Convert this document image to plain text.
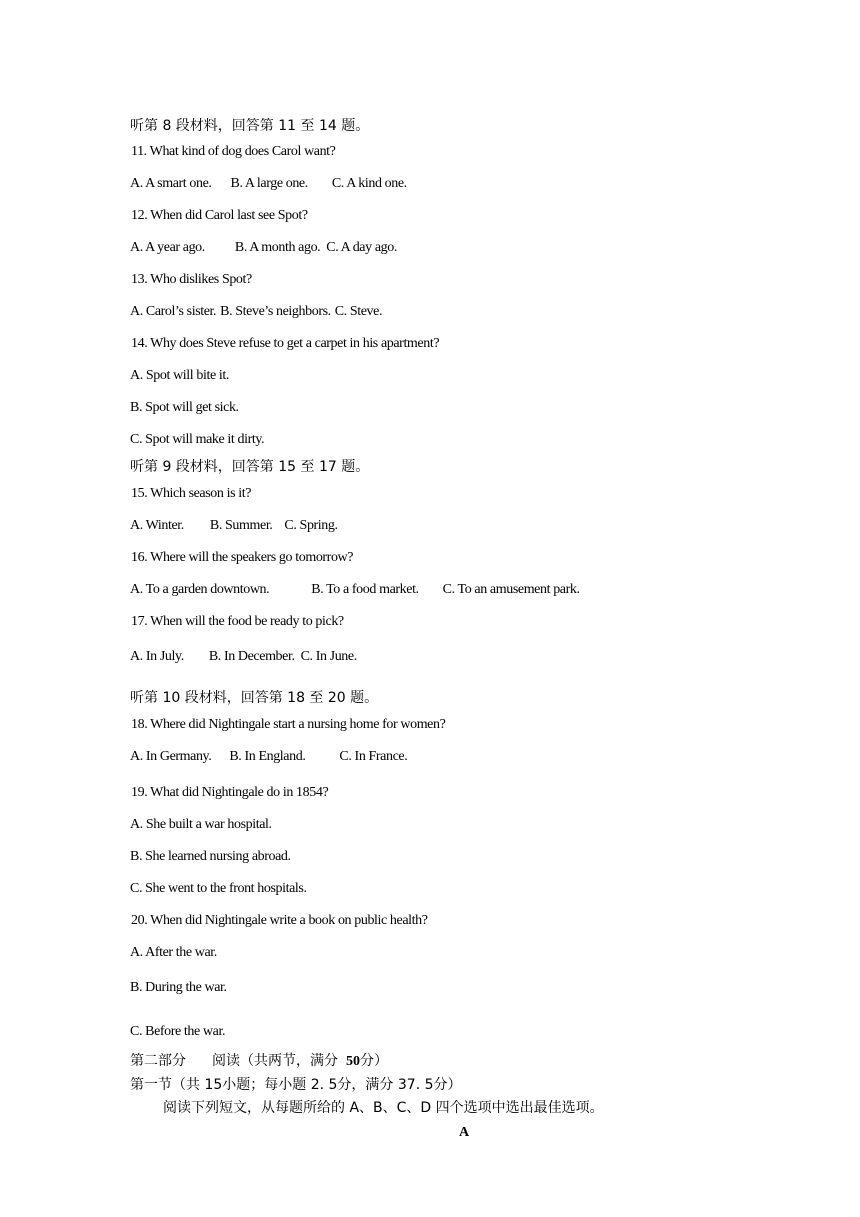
听第 8 段材料，回答第 11 至 14 题。
11. What kind of dog does Carol want?
A. A smart one. B. A large one. C. A kind one.
12. When did Carol last see Spot?
A. A year ago. B. A month ago. C. A day ago.
13. Who dislikes Spot?
A. Carol’s sister. B. Steve’s neighbors. C. Steve.
14. Why does Steve refuse to get a carpet in his apartment?
A. Spot will bite it.
B. Spot will get sick.
C. Spot will make it dirty.
听第 9 段材料，回答第 15 至 17 题。
15. Which season is it?
A. Winter. B. Summer. C. Spring.
16. Where will the speakers go tomorrow?
A. To a garden downtown.	B. To a food market. C. To an amusement park.
17. When will the food be ready to pick?
A. In July. B. In December. C. In June.
听第 10 段材料，回答第 18 至 20 题。
18. Where did Nightingale start a nursing home for women?
A. In Germany. B. In England. C. In France.
19. What did Nightingale do in 1854?
A. She built a war hospital.
B. She learned nursing abroad.
C. She went to the front hospitals.
20. When did Nightingale write a book on public health?
A. After the war.
B. During the war.
C. Before the war.
第二部分 阅读（共两节，满分 50分）
第一节（共 15小题；每小题 2. 5分，满分 37. 5分）
阅读下列短文，从每题所给的 A、B、C、D 四个选项中选出最佳选项。
A
